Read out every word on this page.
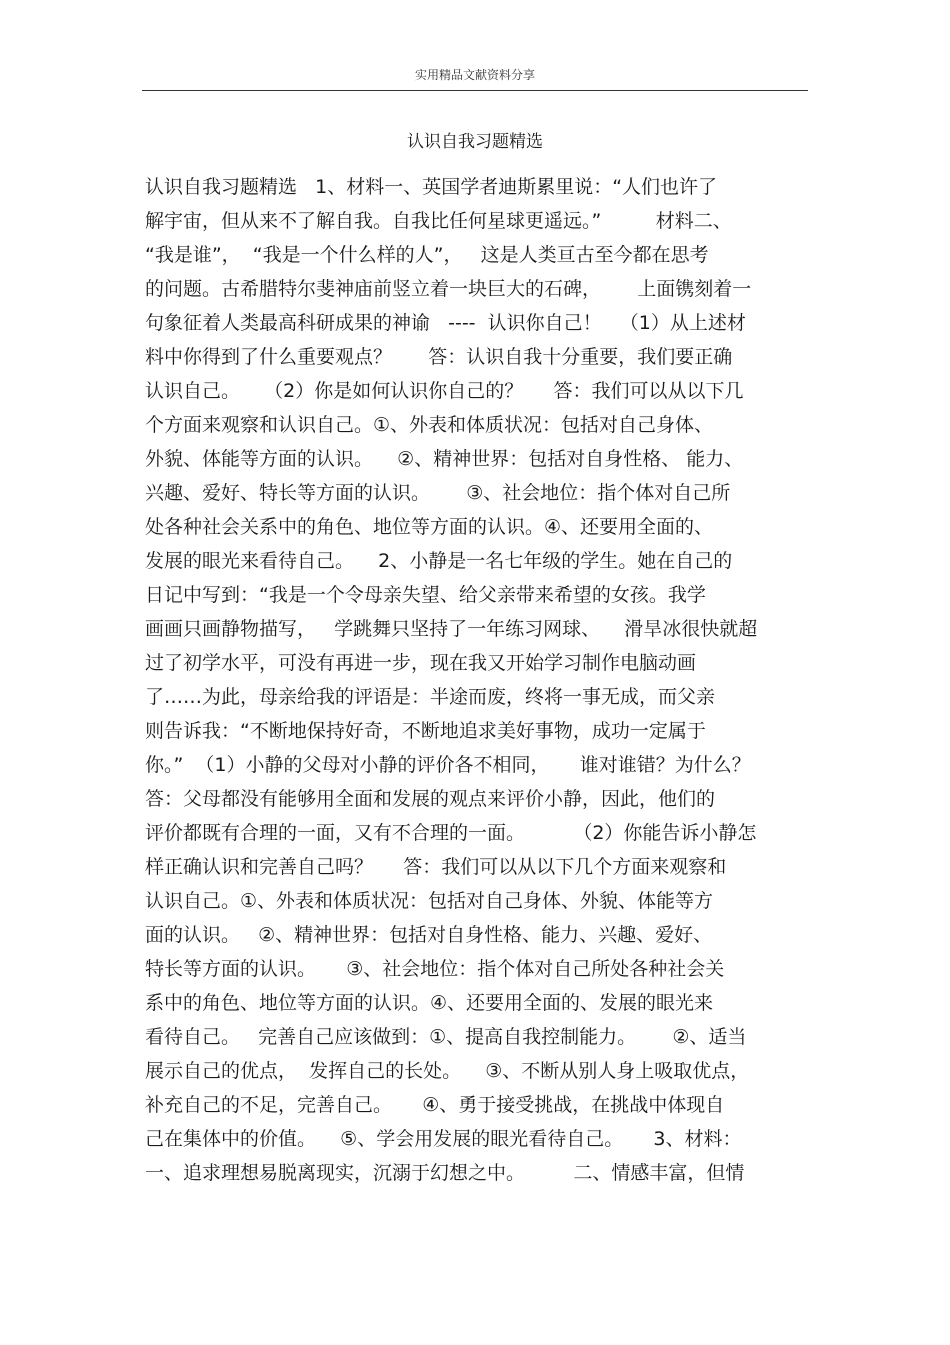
实用精品文献资料分享
认识自我习题精选

认识自我习题精选   1、材料一、英国学者迪斯累里说：“人们也许了

解宇宙，但从来不了解自我。自我比任何星球更遥远。”         材料二、

“我是谁”，  “我是一个什么样的人”，   这是人类亘古至今都在思考

的问题。古希腊特尔斐神庙前竖立着一块巨大的石碑，      上面镌刻着一

句象征着人类最高科研成果的神谕   ----  认识你自己！   （1）从上述材

料中你得到了什么重要观点？      答：认识自我十分重要，我们要正确

认识自己。    （2）你是如何认识你自己的？     答：我们可以从以下几

个方面来观察和认识自己。①、外表和体质状况：包括对自己身体、

外貌、体能等方面的认识。    ②、精神世界：包括对自身性格、 能力、

兴趣、爱好、特长等方面的认识。      ③、社会地位：指个体对自己所

处各种社会关系中的角色、地位等方面的认识。④、还要用全面的、

发展的眼光来看待自己。    2、小静是一名七年级的学生。她在自己的

日记中写到：“我是一个令母亲失望、给父亲带来希望的女孩。我学

画画只画静物描写，   学跳舞只坚持了一年练习网球、    滑旱冰很快就超

过了初学水平，可没有再进一步，现在我又开始学习制作电脑动画

了……为此，母亲给我的评语是：半途而废，终将一事无成，而父亲

则告诉我：“不断地保持好奇，不断地追求美好事物，成功一定属于

你。”  （1）小静的父母对小静的评价各不相同，     谁对谁错？为什么？

答：父母都没有能够用全面和发展的观点来评价小静，因此，他们的

评价都既有合理的一面，又有不合理的一面。        （2）你能告诉小静怎

样正确认识和完善自己吗？     答：我们可以从以下几个方面来观察和

认识自己。①、外表和体质状况：包括对自己身体、外貌、体能等方

面的认识。   ②、精神世界：包括对自身性格、能力、兴趣、爱好、

特长等方面的认识。     ③、社会地位：指个体对自己所处各种社会关

系中的角色、地位等方面的认识。④、还要用全面的、发展的眼光来

看待自己。   完善自己应该做到：①、提高自我控制能力。      ②、适当

展示自己的优点，  发挥自己的长处。    ③、不断从别人身上吸取优点，

补充自己的不足，完善自己。     ④、勇于接受挑战，在挑战中体现自

己在集体中的价值。    ⑤、学会用发展的眼光看待自己。     3、材料：

一、追求理想易脱离现实，沉溺于幻想之中。        二、情感丰富，但情
